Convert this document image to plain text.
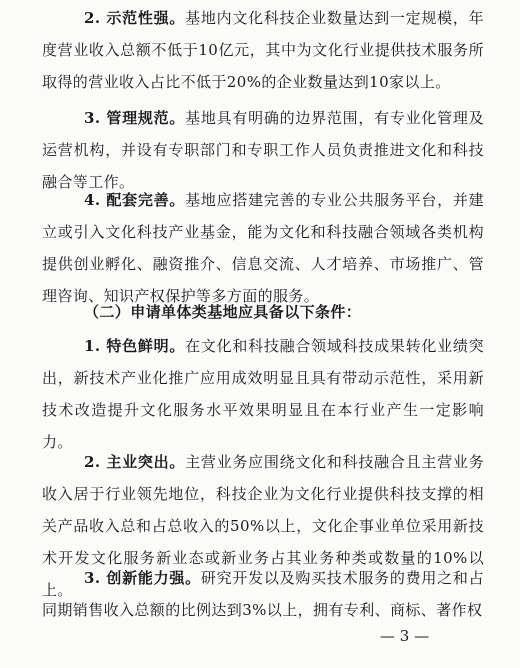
2. 示范性强。基地内文化科技企业数量达到一定规模，年度营业收入总额不低于10亿元，其中为文化行业提供技术服务所取得的营业收入占比不低于20%的企业数量达到10家以上。
3. 管理规范。基地具有明确的边界范围，有专业化管理及运营机构，并设有专职部门和专职工作人员负责推进文化和科技融合等工作。
4. 配套完善。基地应搭建完善的专业公共服务平台，并建立或引入文化科技产业基金，能为文化和科技融合领域各类机构提供创业孵化、融资推介、信息交流、人才培养、市场推广、管理咨询、知识产权保护等多方面的服务。
（二）申请单体类基地应具备以下条件：
1. 特色鲜明。在文化和科技融合领域科技成果转化业绩突出，新技术产业化推广应用成效明显且具有带动示范性，采用新技术改造提升文化服务水平效果明显且在本行业产生一定影响力。
2. 主业突出。主营业务应围绕文化和科技融合且主营业务收入居于行业领先地位，科技企业为文化行业提供科技支撑的相关产品收入总和占总收入的50%以上，文化企事业单位采用新技术开发文化服务新业态或新业务占其业务种类或数量的10%以上。
3. 创新能力强。研究开发以及购买技术服务的费用之和占同期销售收入总额的比例达到3%以上，拥有专利、商标、著作权
— 3 —
